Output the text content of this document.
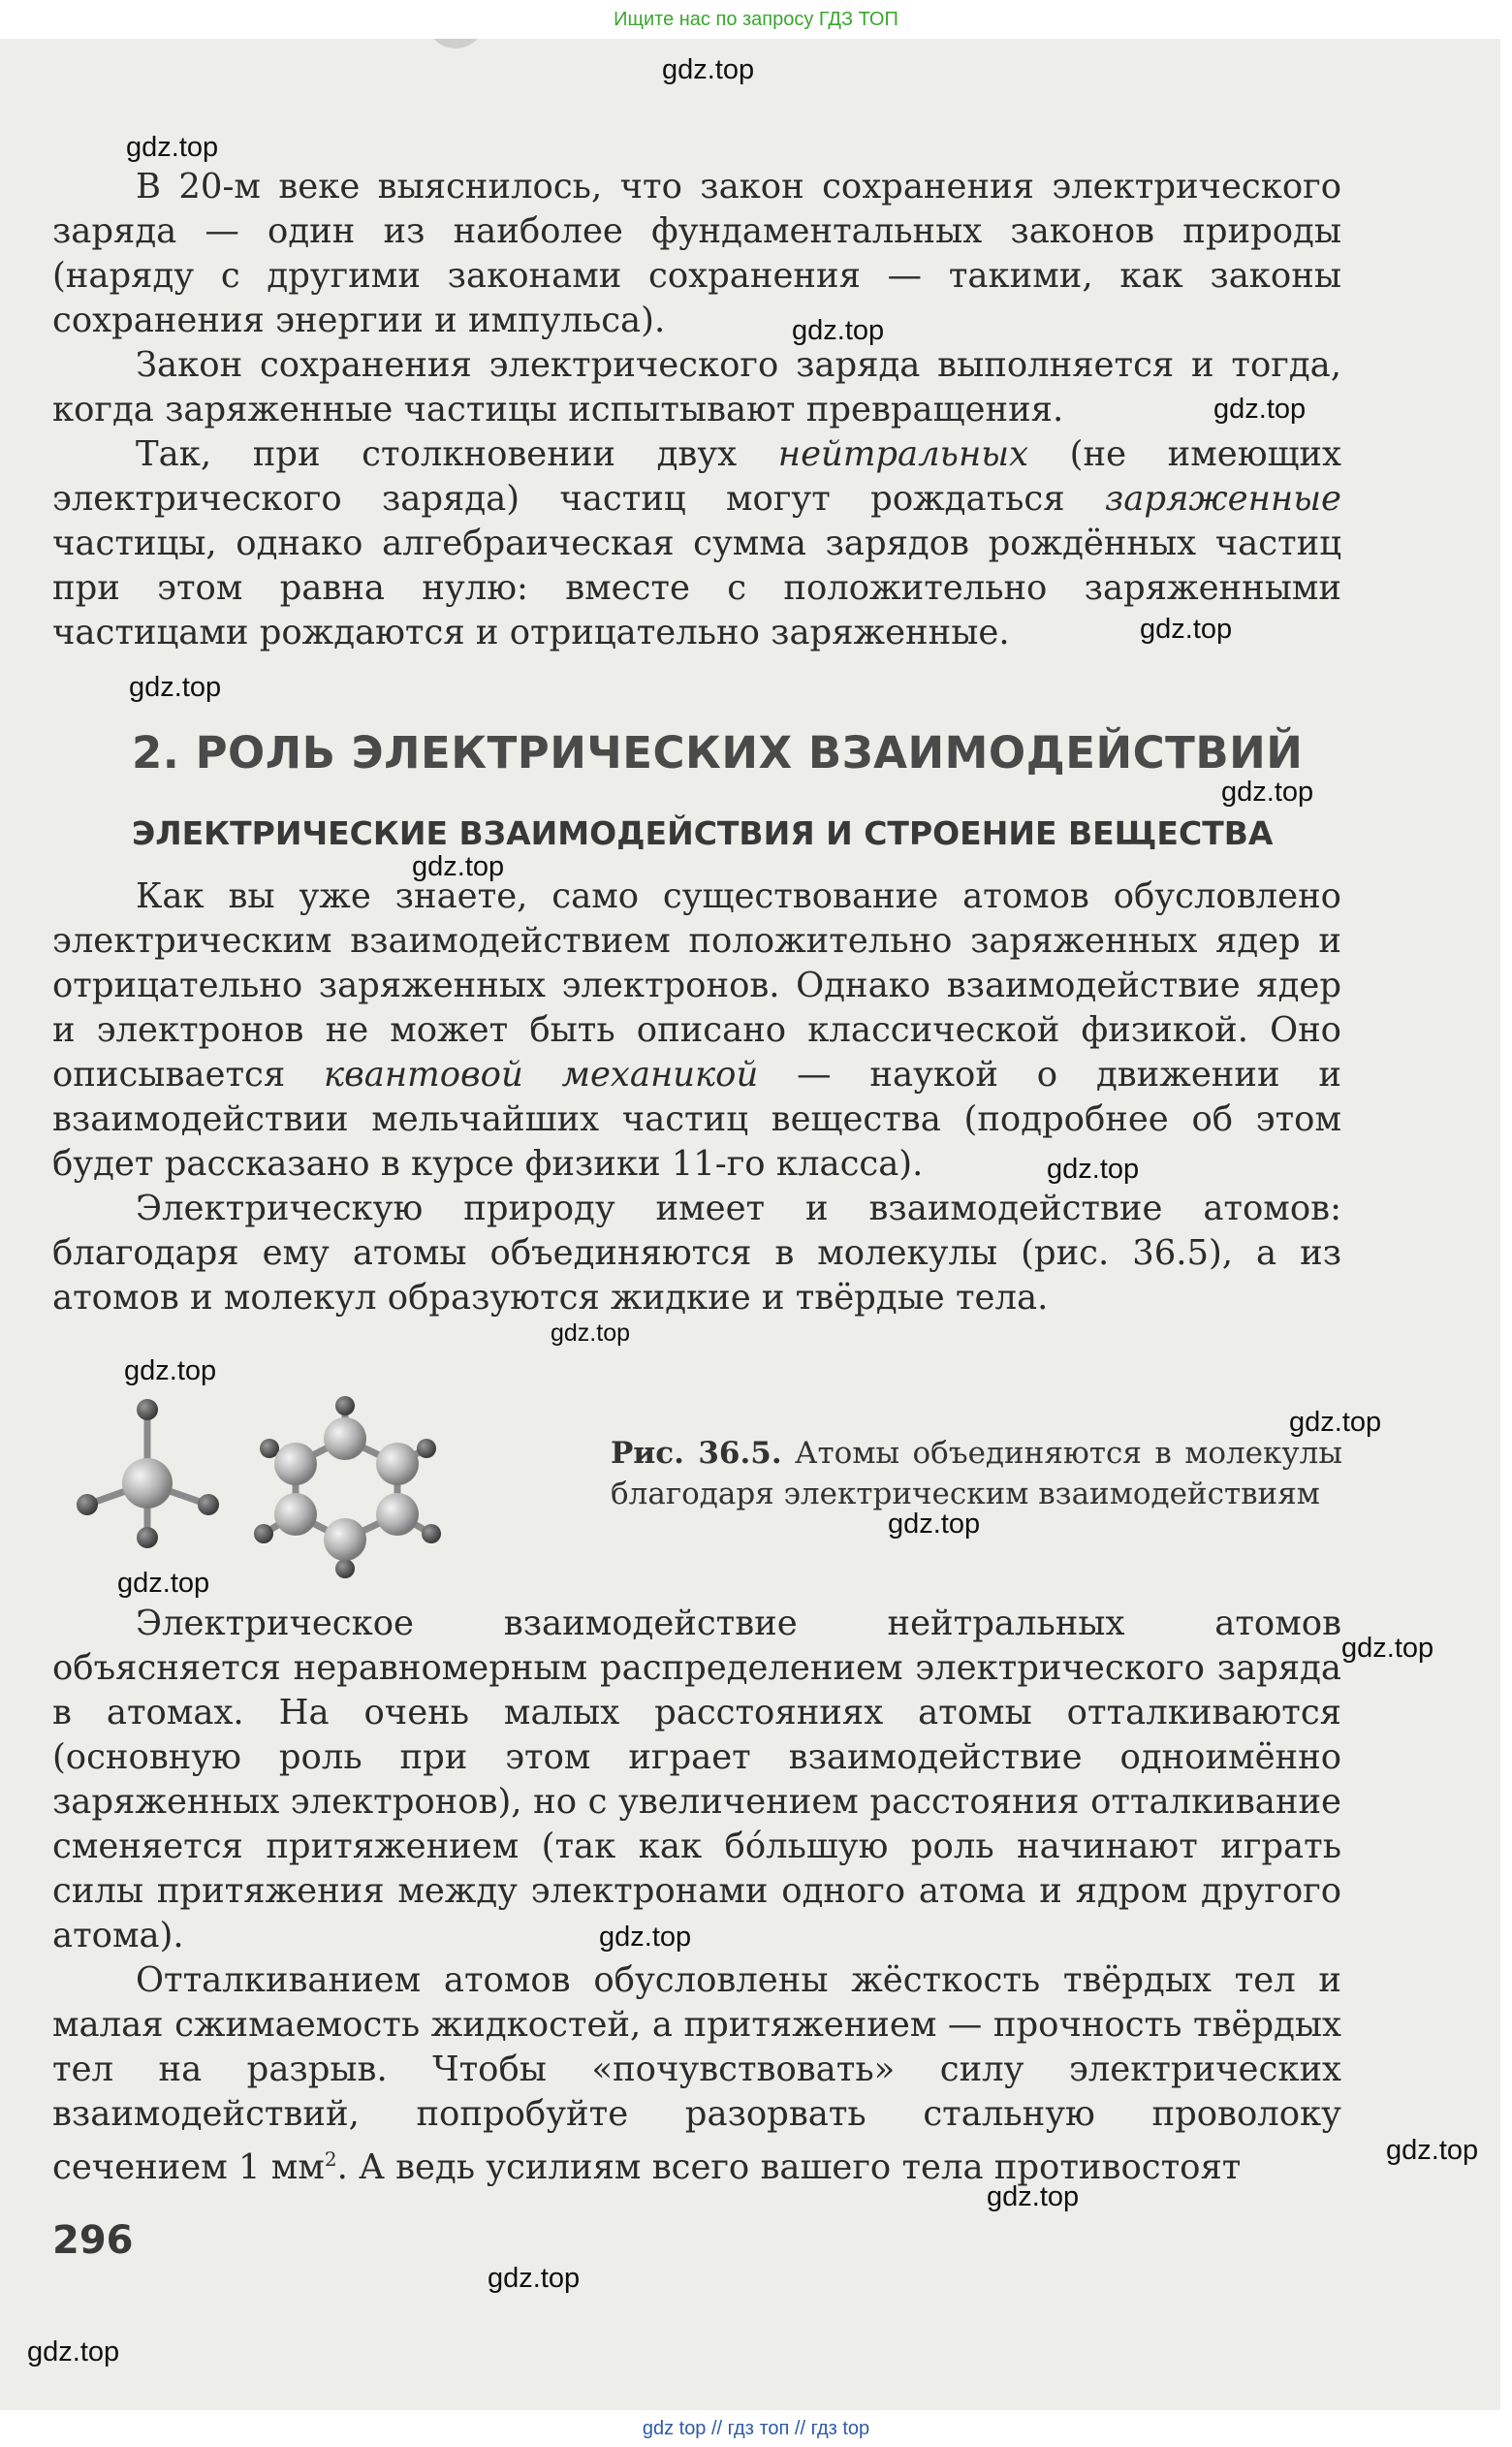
В 20-м веке выяснилось, что закон сохранения электрического заряда — один из наиболее фундаментальных законов природы (наряду с другими законами сохранения — такими, как законы сохранения энергии и импульса).

Закон сохранения электрического заряда выполняется и тогда, когда заряженные частицы испытывают превращения.

Так, при столкновении двух нейтральных (не имеющих электрического заряда) частиц могут рождаться заряженные частицы, однако алгебраическая сумма зарядов рождённых частиц при этом равна нулю: вместе с положительно заряженными частицами рождаются и отрицательно заряженные.

2. РОЛЬ ЭЛЕКТРИЧЕСКИХ ВЗАИМОДЕЙСТВИЙ
ЭЛЕКТРИЧЕСКИЕ ВЗАИМОДЕЙСТВИЯ И СТРОЕНИЕ ВЕЩЕСТВА

Как вы уже знаете, само существование атомов обусловлено электрическим взаимодействием положительно заряженных ядер и отрицательно заряженных электронов. Однако взаимодействие ядер и электронов не может быть описано классической физикой. Оно описывается квантовой механикой — наукой о движении и взаимодействии мельчайших частиц вещества (подробнее об этом будет рассказано в курсе физики 11-го класса).

Электрическую природу имеет и взаимодействие атомов: благодаря ему атомы объединяются в молекулы (рис. 36.5), а из атомов и молекул образуются жидкие и твёрдые тела.

Рис. 36.5. Атомы объединяются в молекулы благодаря электрическим взаимодействиям

Электрическое взаимодействие нейтральных атомов объясняется неравномерным распределением электрического заряда в атомах. На очень малых расстояниях атомы отталкиваются (основную роль при этом играет взаимодействие одноимённо заряженных электронов), но с увеличением расстояния отталкивание сменяется притяжением (так как бóльшую роль начинают играть силы притяжения между электронами одного атома и ядром другого атома).

Отталкиванием атомов обусловлены жёсткость твёрдых тел и малая сжимаемость жидкостей, а притяжением — прочность твёрдых тел на разрыв. Чтобы «почувствовать» силу электрических взаимодействий, попробуйте разорвать стальную проволоку сечением 1 $мм^2$. А ведь усилиям всего вашего тела противостоят

296
gdz.top
gdz.top
gdz.top
gdz.top
gdz.top
gdz.top
gdz.top
gdz.top
gdz.top
gdz.top
gdz.top
gdz.top
gdz.top
gdz.top
gdz.top
gdz.top
gdz.top
gdz.top
gdz.top
gdz.top
Ищите нас по запросу ГДЗ ТОП
gdz top // гдз топ // гдз top
